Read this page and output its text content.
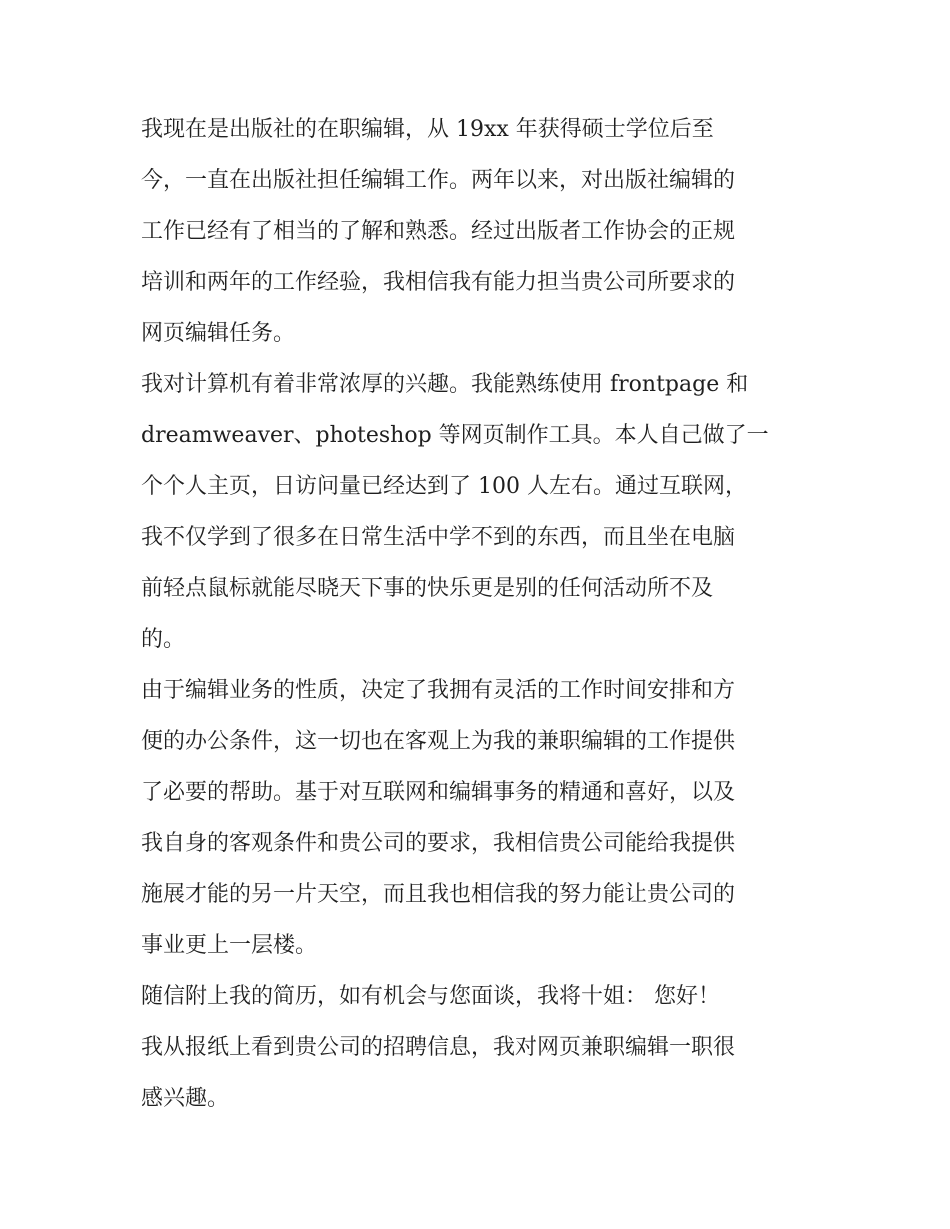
我现在是出版社的在职编辑，从 19xx 年获得硕士学位后至
今，一直在出版社担任编辑工作。两年以来，对出版社编辑的
工作已经有了相当的了解和熟悉。经过出版者工作协会的正规
培训和两年的工作经验，我相信我有能力担当贵公司所要求的
网页编辑任务。
我对计算机有着非常浓厚的兴趣。我能熟练使用 frontpage 和
dreamweaver、photeshop 等网页制作工具。本人自己做了一
个个人主页，日访问量已经达到了 100 人左右。通过互联网，
我不仅学到了很多在日常生活中学不到的东西，而且坐在电脑
前轻点鼠标就能尽晓天下事的快乐更是别的任何活动所不及
的。
由于编辑业务的性质，决定了我拥有灵活的工作时间安排和方
便的办公条件，这一切也在客观上为我的兼职编辑的工作提供
了必要的帮助。基于对互联网和编辑事务的精通和喜好，以及
我自身的客观条件和贵公司的要求，我相信贵公司能给我提供
施展才能的另一片天空，而且我也相信我的努力能让贵公司的
事业更上一层楼。
随信附上我的简历，如有机会与您面谈，我将十姐： 您好！
我从报纸上看到贵公司的招聘信息，我对网页兼职编辑一职很
感兴趣。
